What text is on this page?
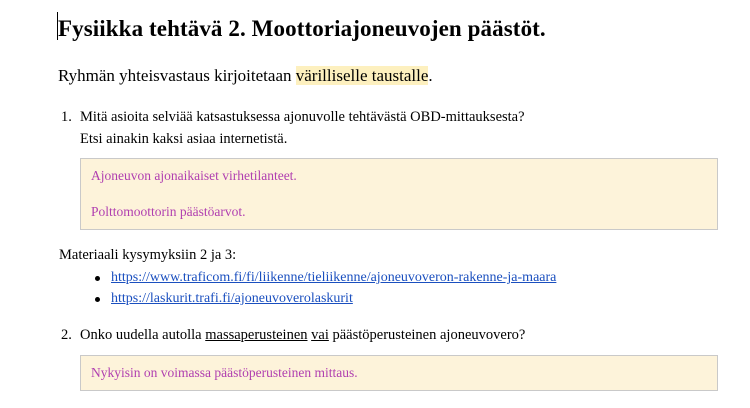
Fysiikka tehtävä 2. Moottoriajoneuvojen päästöt.

Ryhmän yhteisvastaus kirjoitetaan värilliselle taustalle.

1. Mitä asioita selviää katsastuksessa ajonuvolle tehtävästä OBD-mittauksesta?
Etsi ainakin kaksi asiaa internetistä.
Ajoneuvon ajonaikaiset virhetilanteet.
Polttomoottorin päästöarvot.
Materiaali kysymyksiin 2 ja 3:
https://www.traficom.fi/fi/liikenne/tieliikenne/ajoneuvoveron-rakenne-ja-maara
https://laskurit.trafi.fi/ajoneuvoverolaskurit
2. Onko uudella autolla massaperusteinen vai päästöperusteinen ajoneuvovero?
Nykyisin on voimassa päästöperusteinen mittaus.
